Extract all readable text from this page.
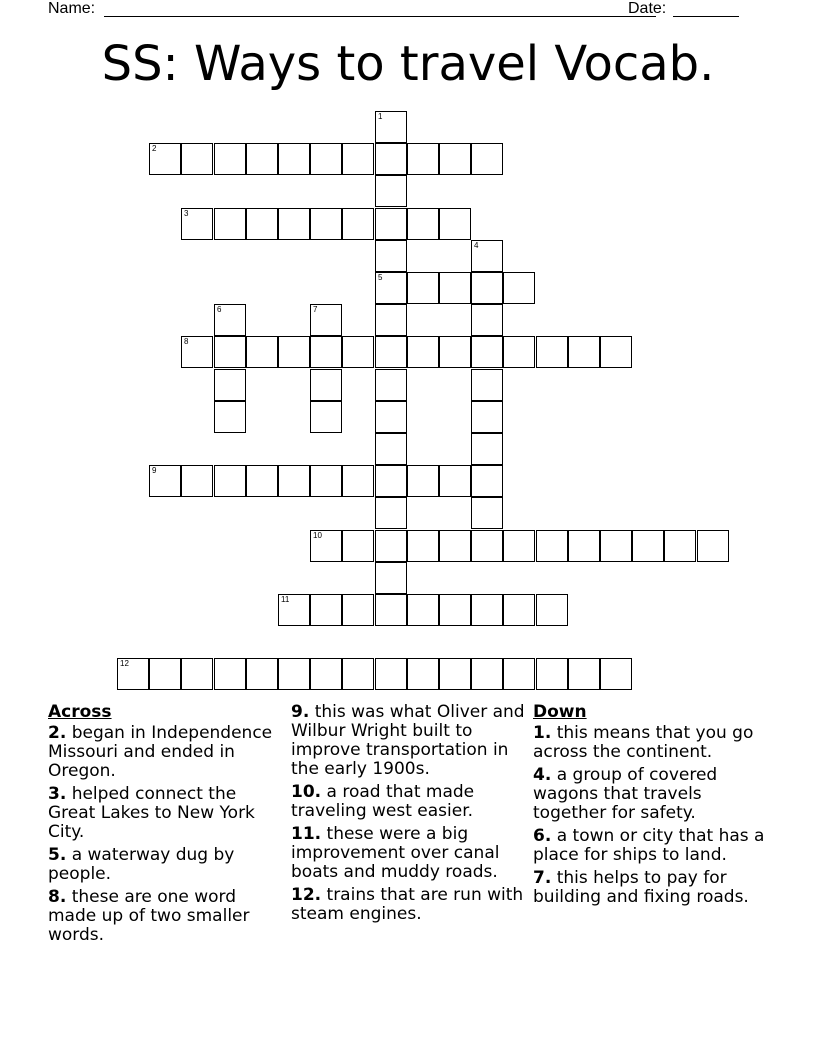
Name:	Date:
SS: Ways to travel Vocab.
1
5
2
3
4
6	7
8
9
10
11
12
Across
2. began in Independence Missouri and ended in Oregon.
3. helped connect the Great Lakes to New York City.
5. a waterway dug by people.
8. these are one word made up of two smaller words.
9. this was what Oliver and Wilbur Wright built to improve transportation in the early 1900s.
10. a road that made traveling west easier.
11. these were a big improvement over canal boats and muddy roads.
12. trains that are run with steam engines.
Down
1. this means that you go across the continent.
4. a group of covered wagons that travels together for safety.
6. a town or city that has a place for ships to land.
7. this helps to pay for building and fixing roads.
